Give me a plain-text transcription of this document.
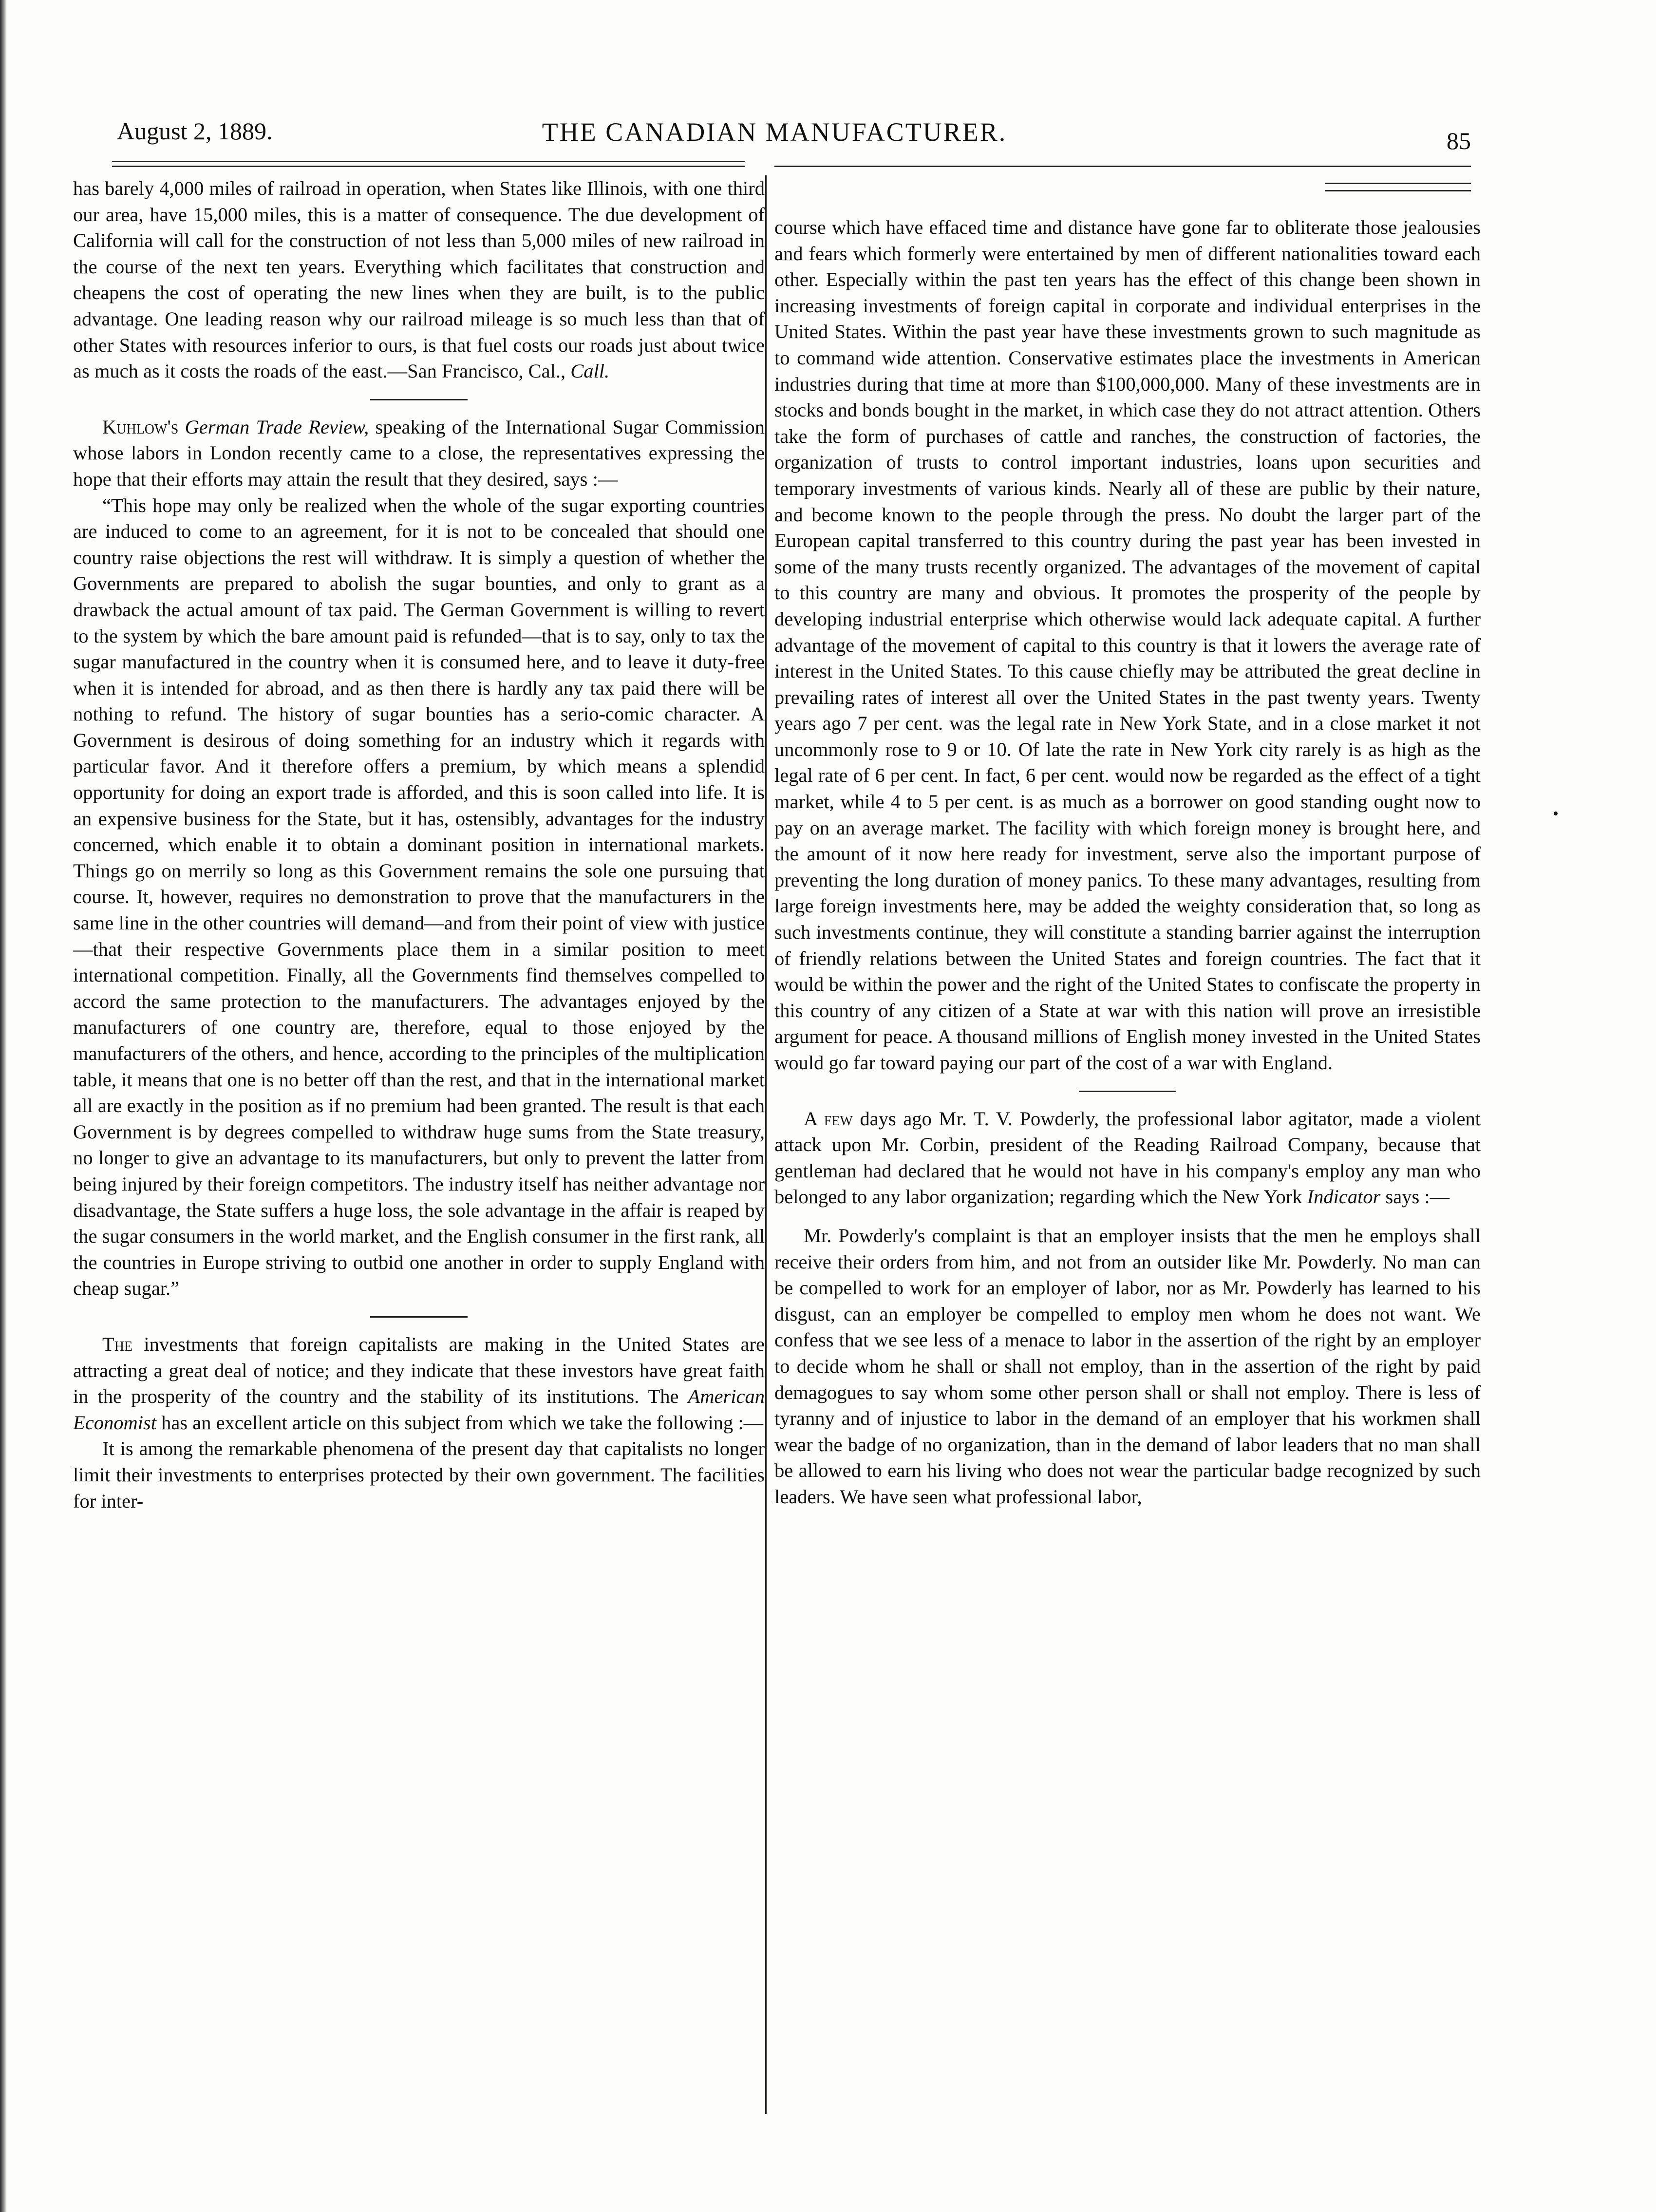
August 2, 1889.	THE CANADIAN MANUFACTURER.	85

has barely 4,000 miles of railroad in operation, when States like Illinois, with one third our area, have 15,000 miles, this is a matter of consequence. The due development of California will call for the construction of not less than 5,000 miles of new railroad in the course of the next ten years. Everything which facilitates that construction and cheapens the cost of operating the new lines when they are built, is to the public advantage. One leading reason why our railroad mileage is so much less than that of other States with resources inferior to ours, is that fuel costs our roads just about twice as much as it costs the roads of the east.—San Francisco, Cal., Call.

Kuhlow's German Trade Review, speaking of the International Sugar Commission whose labors in London recently came to a close, the representatives expressing the hope that their efforts may attain the result that they desired, says :—

“This hope may only be realized when the whole of the sugar exporting countries are induced to come to an agreement, for it is not to be concealed that should one country raise objections the rest will withdraw. It is simply a question of whether the Governments are prepared to abolish the sugar bounties, and only to grant as a drawback the actual amount of tax paid. The German Government is willing to revert to the system by which the bare amount paid is refunded—that is to say, only to tax the sugar manufactured in the country when it is consumed here, and to leave it duty-free when it is intended for abroad, and as then there is hardly any tax paid there will be nothing to refund. The history of sugar bounties has a serio-comic character. A Government is desirous of doing something for an industry which it regards with particular favor. And it therefore offers a premium, by which means a splendid opportunity for doing an export trade is afforded, and this is soon called into life. It is an expensive business for the State, but it has, ostensibly, advantages for the industry concerned, which enable it to obtain a dominant position in international markets. Things go on merrily so long as this Government remains the sole one pursuing that course. It, however, requires no demonstration to prove that the manufacturers in the same line in the other countries will demand—and from their point of view with justice—that their respective Governments place them in a similar position to meet international competition. Finally, all the Governments find themselves compelled to accord the same protection to the manufacturers. The advantages enjoyed by the manufacturers of one country are, therefore, equal to those enjoyed by the manufacturers of the others, and hence, according to the principles of the multiplication table, it means that one is no better off than the rest, and that in the international market all are exactly in the position as if no premium had been granted. The result is that each Government is by degrees compelled to withdraw huge sums from the State treasury, no longer to give an advantage to its manufacturers, but only to prevent the latter from being injured by their foreign competitors. The industry itself has neither advantage nor disadvantage, the State suffers a huge loss, the sole advantage in the affair is reaped by the sugar consumers in the world market, and the English consumer in the first rank, all the countries in Europe striving to outbid one another in order to supply England with cheap sugar.”

The investments that foreign capitalists are making in the United States are attracting a great deal of notice; and they indicate that these investors have great faith in the prosperity of the country and the stability of its institutions. The American Economist has an excellent article on this subject from which we take the following :—

It is among the remarkable phenomena of the present day that capitalists no longer limit their investments to enterprises protected by their own government. The facilities for inter-

course which have effaced time and distance have gone far to obliterate those jealousies and fears which formerly were entertained by men of different nationalities toward each other. Especially within the past ten years has the effect of this change been shown in increasing investments of foreign capital in corporate and individual enterprises in the United States. Within the past year have these investments grown to such magnitude as to command wide attention. Conservative estimates place the investments in American industries during that time at more than $100,000,000. Many of these investments are in stocks and bonds bought in the market, in which case they do not attract attention. Others take the form of purchases of cattle and ranches, the construction of factories, the organization of trusts to control important industries, loans upon securities and temporary investments of various kinds. Nearly all of these are public by their nature, and become known to the people through the press. No doubt the larger part of the European capital transferred to this country during the past year has been invested in some of the many trusts recently organized. The advantages of the movement of capital to this country are many and obvious. It promotes the prosperity of the people by developing industrial enterprise which otherwise would lack adequate capital. A further advantage of the movement of capital to this country is that it lowers the average rate of interest in the United States. To this cause chiefly may be attributed the great decline in prevailing rates of interest all over the United States in the past twenty years. Twenty years ago 7 per cent. was the legal rate in New York State, and in a close market it not uncommonly rose to 9 or 10. Of late the rate in New York city rarely is as high as the legal rate of 6 per cent. In fact, 6 per cent. would now be regarded as the effect of a tight market, while 4 to 5 per cent. is as much as a borrower on good standing ought now to pay on an average market. The facility with which foreign money is brought here, and the amount of it now here ready for investment, serve also the important purpose of preventing the long duration of money panics. To these many advantages, resulting from large foreign investments here, may be added the weighty consideration that, so long as such investments continue, they will constitute a standing barrier against the interruption of friendly relations between the United States and foreign countries. The fact that it would be within the power and the right of the United States to confiscate the property in this country of any citizen of a State at war with this nation will prove an irresistible argument for peace. A thousand millions of English money invested in the United States would go far toward paying our part of the cost of a war with England.

A few days ago Mr. T. V. Powderly, the professional labor agitator, made a violent attack upon Mr. Corbin, president of the Reading Railroad Company, because that gentleman had declared that he would not have in his company's employ any man who belonged to any labor organization; regarding which the New York Indicator says :—

Mr. Powderly's complaint is that an employer insists that the men he employs shall receive their orders from him, and not from an outsider like Mr. Powderly. No man can be compelled to work for an employer of labor, nor as Mr. Powderly has learned to his disgust, can an employer be compelled to employ men whom he does not want. We confess that we see less of a menace to labor in the assertion of the right by an employer to decide whom he shall or shall not employ, than in the assertion of the right by paid demagogues to say whom some other person shall or shall not employ. There is less of tyranny and of injustice to labor in the demand of an employer that his workmen shall wear the badge of no organization, than in the demand of labor leaders that no man shall be allowed to earn his living who does not wear the particular badge recognized by such leaders. We have seen what professional labor,

•
